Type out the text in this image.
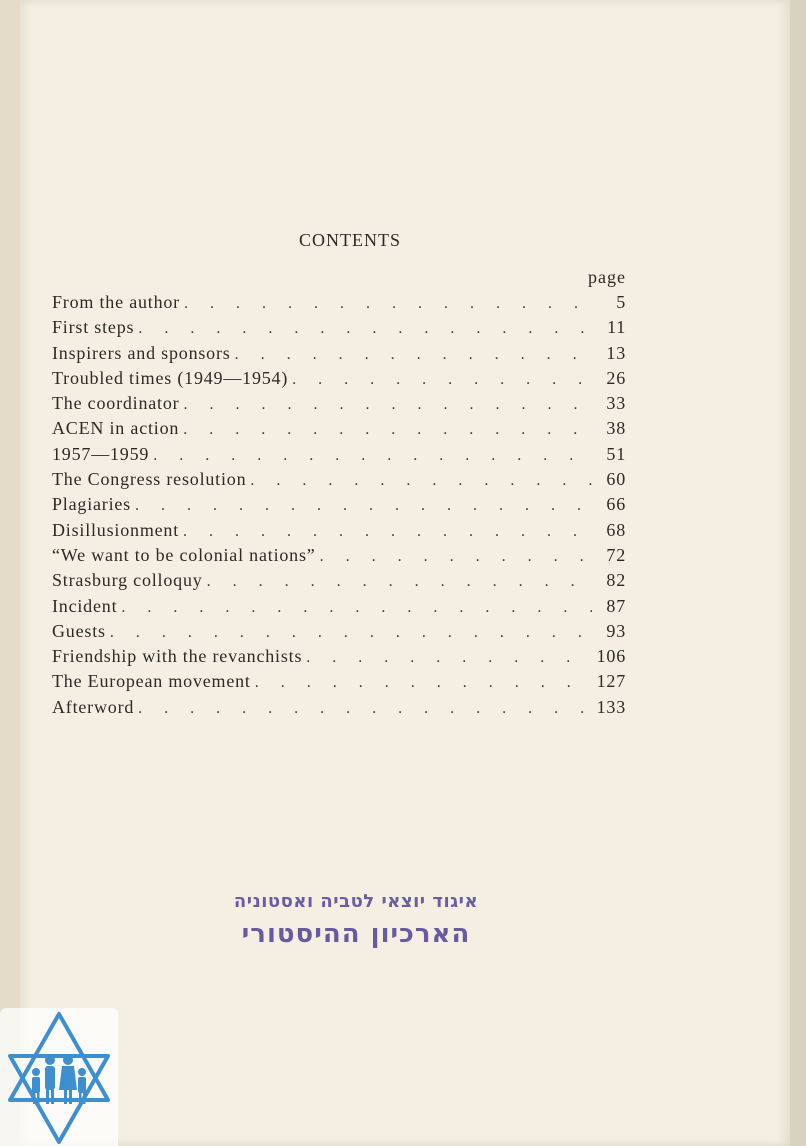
CONTENTS
page
From the author . . .	5
First steps . . .	11
Inspirers and sponsors . . .	13
Troubled times (1949—1954) . . .	26
The coordinator . . .	33
ACEN in action . . .	38
1957—1959 . . .	51
The Congress resolution . . .	60
Plagiaries . . .	66
Disillusionment . . .	68
“We want to be colonial nations” . . .	72
Strasburg colloquy . . .	82
Incident . . .	87
Guests . . .	93
Friendship with the revanchists . . .	106
The European movement . . .	127
Afterword . . .	133
איגוד יוצאי לטביה ואסטוניה
הארכיון ההיסטורי
